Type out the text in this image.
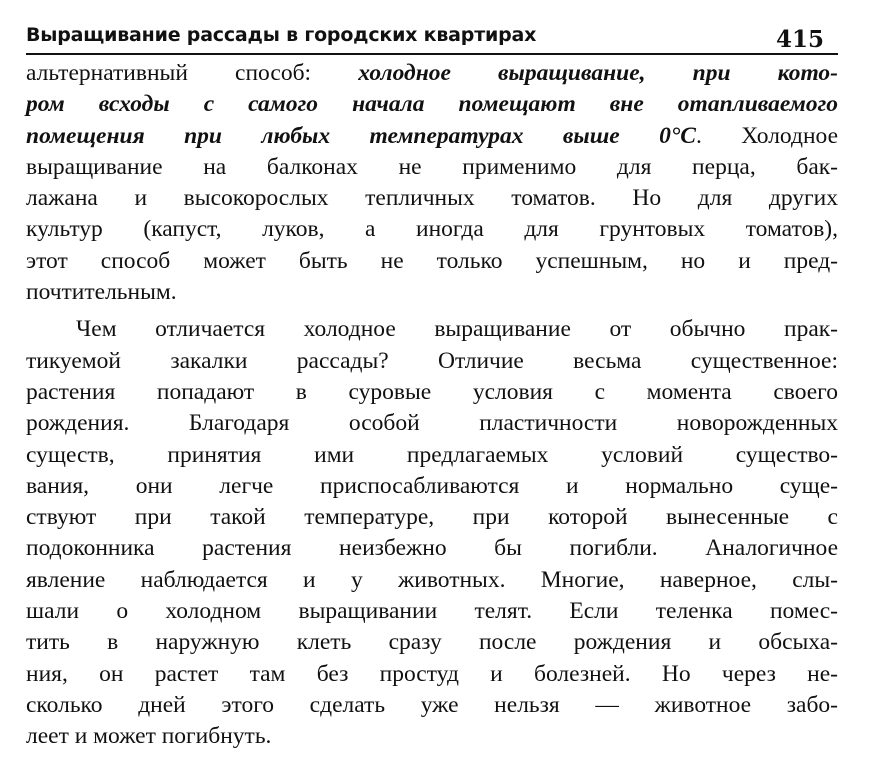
Выращивание рассады в городских квартирах	415
альтернативный способ: холодное выращивание, при кото-
ром всходы с самого начала помещают вне отапливаемого
помещения при любых температурах выше 0°С. Холодное
выращивание на балконах не применимо для перца, бак-
лажана и высокорослых тепличных томатов. Но для других
культур (капуст, луков, а иногда для грунтовых томатов),
этот способ может быть не только успешным, но и пред-
почтительным.
Чем отличается холодное выращивание от обычно прак-
тикуемой закалки рассады? Отличие весьма существенное:
растения попадают в суровые условия с момента своего
рождения. Благодаря особой пластичности новорожденных
существ, принятия ими предлагаемых условий существо-
вания, они легче приспосабливаются и нормально суще-
ствуют при такой температуре, при которой вынесенные с
подоконника растения неизбежно бы погибли. Аналогичное
явление наблюдается и у животных. Многие, наверное, слы-
шали о холодном выращивании телят. Если теленка помес-
тить в наружную клеть сразу после рождения и обсыха-
ния, он растет там без простуд и болезней. Но через не-
сколько дней этого сделать уже нельзя — животное забо-
леет и может погибнуть.
